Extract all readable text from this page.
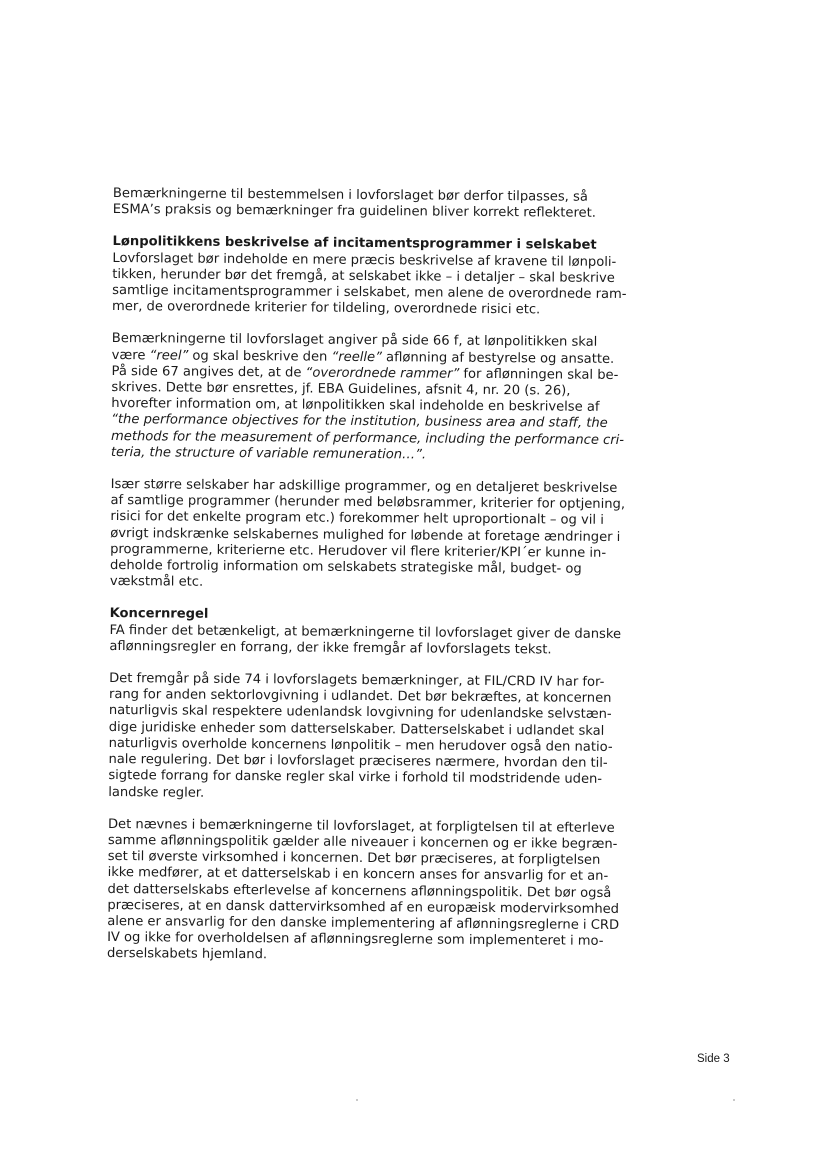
Bemærkningerne til bestemmelsen i lovforslaget bør derfor tilpasses, så
ESMA’s praksis og bemærkninger fra guidelinen bliver korrekt reflekteret.
Lønpolitikkens beskrivelse af incitamentsprogrammer i selskabet
Lovforslaget bør indeholde en mere præcis beskrivelse af kravene til lønpoli-
tikken, herunder bør det fremgå, at selskabet ikke – i detaljer – skal beskrive
samtlige incitamentsprogrammer i selskabet, men alene de overordnede ram-
mer, de overordnede kriterier for tildeling, overordnede risici etc.
Bemærkningerne til lovforslaget angiver på side 66 f, at lønpolitikken skal
være “reel” og skal beskrive den “reelle” aflønning af bestyrelse og ansatte.
På side 67 angives det, at de “overordnede rammer” for aflønningen skal be-
skrives. Dette bør ensrettes, jf. EBA Guidelines, afsnit 4, nr. 20 (s. 26),
hvorefter information om, at lønpolitikken skal indeholde en beskrivelse af
“the performance objectives for the institution, business area and staff, the
methods for the measurement of performance, including the performance cri-
teria, the structure of variable remuneration…”.
Især større selskaber har adskillige programmer, og en detaljeret beskrivelse
af samtlige programmer (herunder med beløbsrammer, kriterier for optjening,
risici for det enkelte program etc.) forekommer helt uproportionalt – og vil i
øvrigt indskrænke selskabernes mulighed for løbende at foretage ændringer i
programmerne, kriterierne etc. Herudover vil flere kriterier/KPI´er kunne in-
deholde fortrolig information om selskabets strategiske mål, budget- og
vækstmål etc.
Koncernregel
FA finder det betænkeligt, at bemærkningerne til lovforslaget giver de danske
aflønningsregler en forrang, der ikke fremgår af lovforslagets tekst.
Det fremgår på side 74 i lovforslagets bemærkninger, at FIL/CRD IV har for-
rang for anden sektorlovgivning i udlandet. Det bør bekræftes, at koncernen
naturligvis skal respektere udenlandsk lovgivning for udenlandske selvstæn-
dige juridiske enheder som datterselskaber. Datterselskabet i udlandet skal
naturligvis overholde koncernens lønpolitik – men herudover også den natio-
nale regulering. Det bør i lovforslaget præciseres nærmere, hvordan den til-
sigtede forrang for danske regler skal virke i forhold til modstridende uden-
landske regler.
Det nævnes i bemærkningerne til lovforslaget, at forpligtelsen til at efterleve
samme aflønningspolitik gælder alle niveauer i koncernen og er ikke begræn-
set til øverste virksomhed i koncernen. Det bør præciseres, at forpligtelsen
ikke medfører, at et datterselskab i en koncern anses for ansvarlig for et an-
det datterselskabs efterlevelse af koncernens aflønningspolitik. Det bør også
præciseres, at en dansk dattervirksomhed af en europæisk modervirksomhed
alene er ansvarlig for den danske implementering af aflønningsreglerne i CRD
IV og ikke for overholdelsen af aflønningsreglerne som implementeret i mo-
derselskabets hjemland.
Side 3
